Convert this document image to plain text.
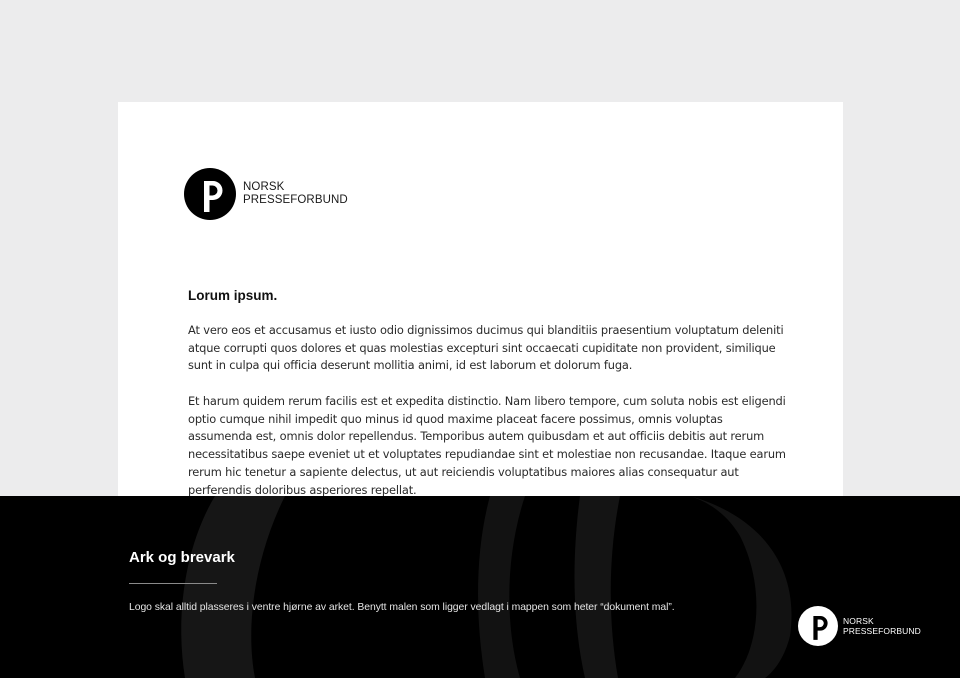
NORSK
PRESSEFORBUND
Lorum ipsum.

At vero eos et accusamus et iusto odio dignissimos ducimus qui blanditiis praesentium voluptatum deleniti atque corrupti quos dolores et quas molestias excepturi sint occaecati cupiditate non provident, similique sunt in culpa qui officia deserunt mollitia animi, id est laborum et dolorum fuga.

Et harum quidem rerum facilis est et expedita distinctio. Nam libero tempore, cum soluta nobis est eligendi optio cumque nihil impedit quo minus id quod maxime placeat facere possimus, omnis voluptas assumenda est, omnis dolor repellendus. Temporibus autem quibusdam et aut officiis debitis aut rerum necessitatibus saepe eveniet ut et voluptates repudiandae sint et molestiae non recusandae. Itaque earum rerum hic tenetur a sapiente delectus, ut aut reiciendis voluptatibus maiores alias consequatur aut perferendis doloribus asperiores repellat.

Ark og brevark
Logo skal alltid plasseres i ventre hjørne av arket. Benytt malen som ligger vedlagt i mappen som heter “dokument mal”.
NORSK
PRESSEFORBUND
